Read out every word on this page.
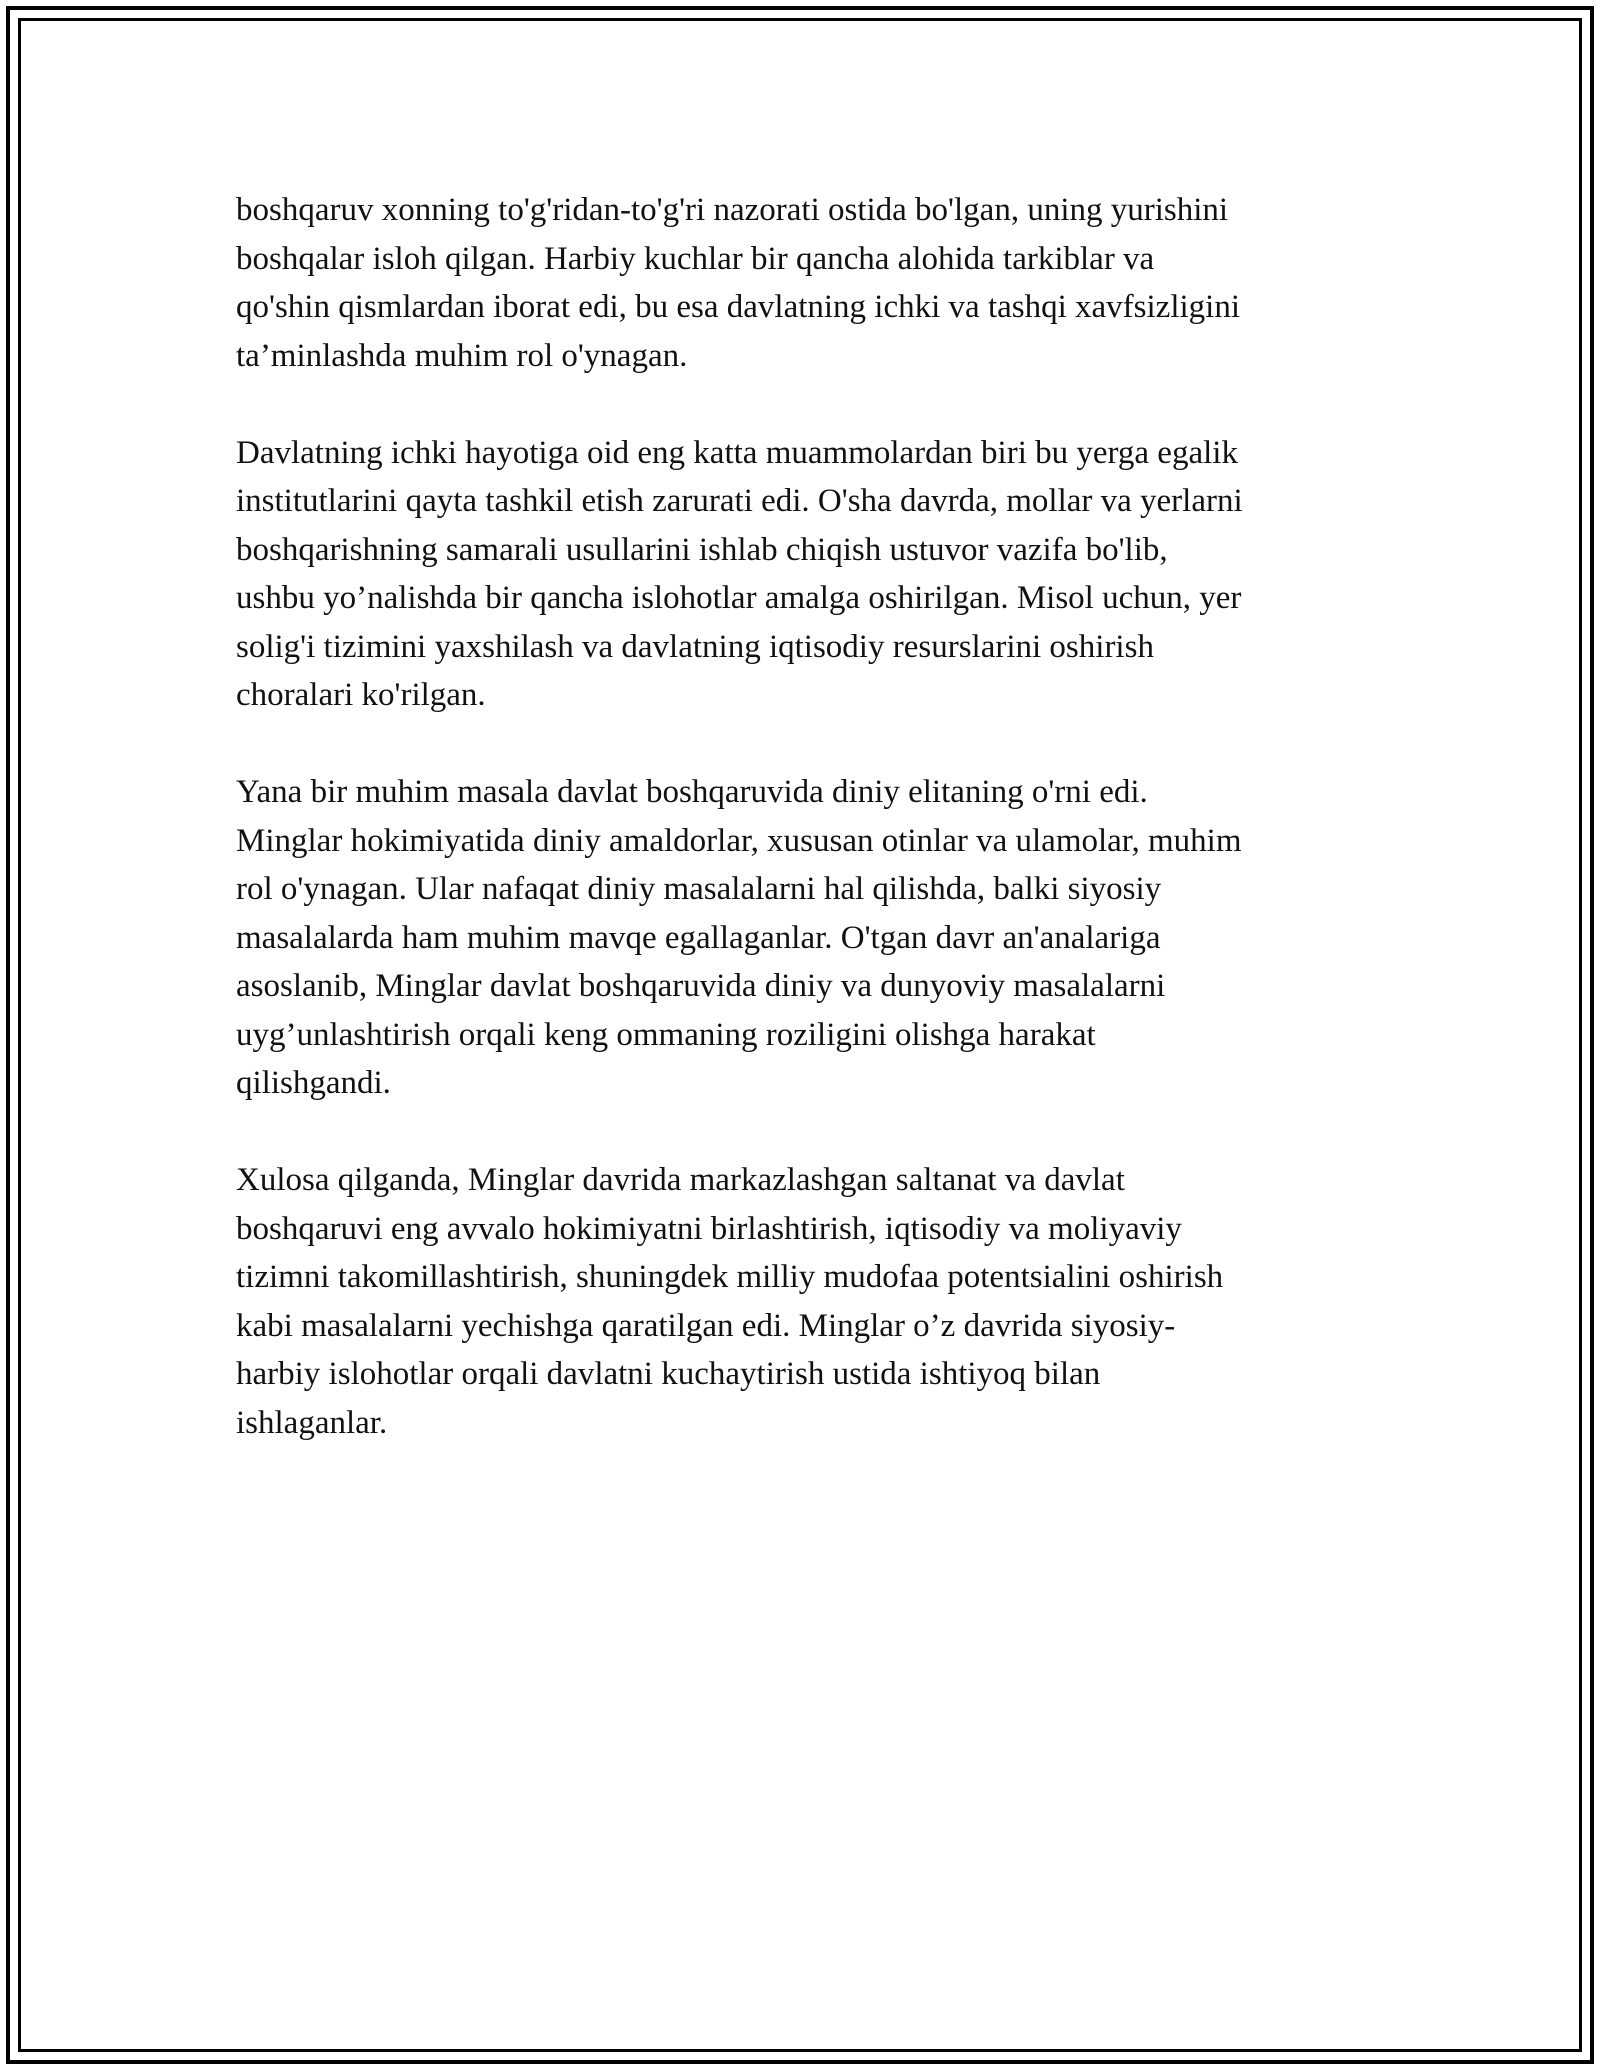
boshqaruv xonning to'g'ridan-to'g'ri nazorati ostida bo'lgan, uning yurishini
boshqalar isloh qilgan. Harbiy kuchlar bir qancha alohida tarkiblar va
qo'shin qismlardan iborat edi, bu esa davlatning ichki va tashqi xavfsizligini
ta’minlashda muhim rol o'ynagan.

Davlatning ichki hayotiga oid eng katta muammolardan biri bu yerga egalik
institutlarini qayta tashkil etish zarurati edi. O'sha davrda, mollar va yerlarni
boshqarishning samarali usullarini ishlab chiqish ustuvor vazifa bo'lib,
ushbu yo’nalishda bir qancha islohotlar amalga oshirilgan. Misol uchun, yer
solig'i tizimini yaxshilash va davlatning iqtisodiy resurslarini oshirish
choralari ko'rilgan.

Yana bir muhim masala davlat boshqaruvida diniy elitaning o'rni edi.
Minglar hokimiyatida diniy amaldorlar, xususan otinlar va ulamolar, muhim
rol o'ynagan. Ular nafaqat diniy masalalarni hal qilishda, balki siyosiy
masalalarda ham muhim mavqe egallaganlar. O'tgan davr an'analariga
asoslanib, Minglar davlat boshqaruvida diniy va dunyoviy masalalarni
uyg’unlashtirish orqali keng ommaning roziligini olishga harakat
qilishgandi.

Xulosa qilganda, Minglar davrida markazlashgan saltanat va davlat
boshqaruvi eng avvalo hokimiyatni birlashtirish, iqtisodiy va moliyaviy
tizimni takomillashtirish, shuningdek milliy mudofaa potentsialini oshirish
kabi masalalarni yechishga qaratilgan edi. Minglar o’z davrida siyosiy-
harbiy islohotlar orqali davlatni kuchaytirish ustida ishtiyoq bilan
ishlaganlar.
